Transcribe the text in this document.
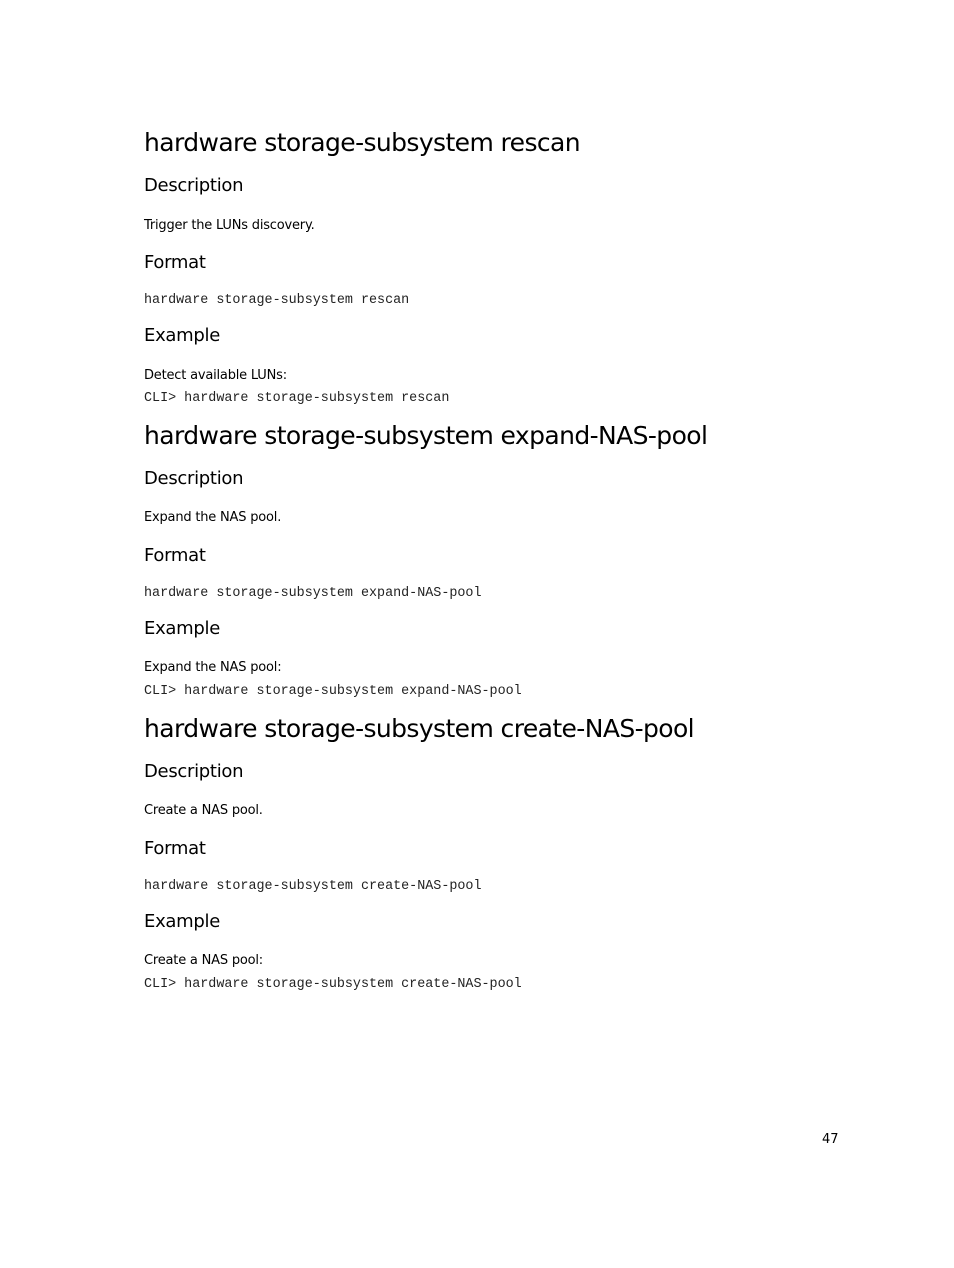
hardware storage-subsystem rescan
Description

Trigger the LUNs discovery.

Format

hardware storage-subsystem rescan

Example

Detect available LUNs:

CLI> hardware storage-subsystem rescan

hardware storage-subsystem expand-NAS-pool
Description

Expand the NAS pool.

Format

hardware storage-subsystem expand-NAS-pool

Example

Expand the NAS pool:

CLI> hardware storage-subsystem expand-NAS-pool

hardware storage-subsystem create-NAS-pool
Description

Create a NAS pool.

Format

hardware storage-subsystem create-NAS-pool

Example

Create a NAS pool:

CLI> hardware storage-subsystem create-NAS-pool

47
